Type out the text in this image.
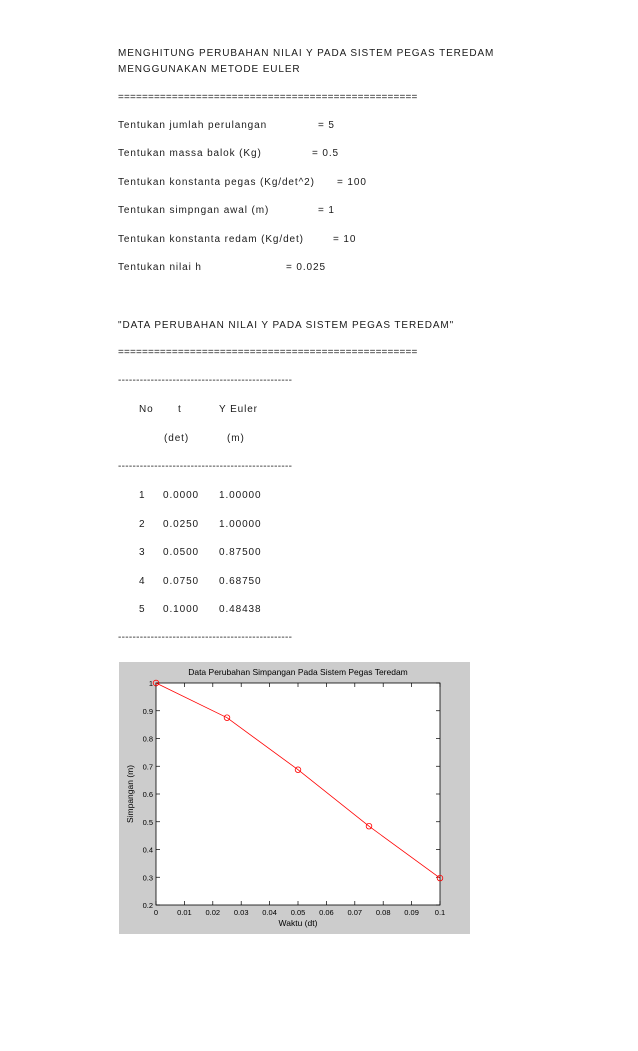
MENGHITUNG PERUBAHAN NILAI Y PADA SISTEM PEGAS TEREDAM
MENGGUNAKAN METODE EULER
==================================================
Tentukan jumlah perulangan	= 5
Tentukan massa balok (Kg)	= 0.5
Tentukan konstanta pegas (Kg/det^2) = 100
Tentukan simpngan awal (m)	= 1
Tentukan konstanta redam (Kg/det)	= 10
Tentukan nilai h	= 0.025
"DATA PERUBAHAN NILAI Y PADA SISTEM PEGAS TEREDAM"
==================================================
------------------------------------------------
No t	Y Euler
(det)	(m)
------------------------------------------------
1 0.0000 1.00000
2 0.0250 1.00000
3 0.0500 0.87500
4 0.0750 0.68750
5 0.1000 0.48438
------------------------------------------------
Data Perubahan Simpangan Pada Sistem Pegas Teredam
Waktu (dt)
Simpangan (m)
0	0.01 0.02 0.03 0.04 0.05 0.06 0.07 0.08 0.09 0.1
0.2
0.3
0.4
0.5
0.6
0.7
0.8
0.9
1
